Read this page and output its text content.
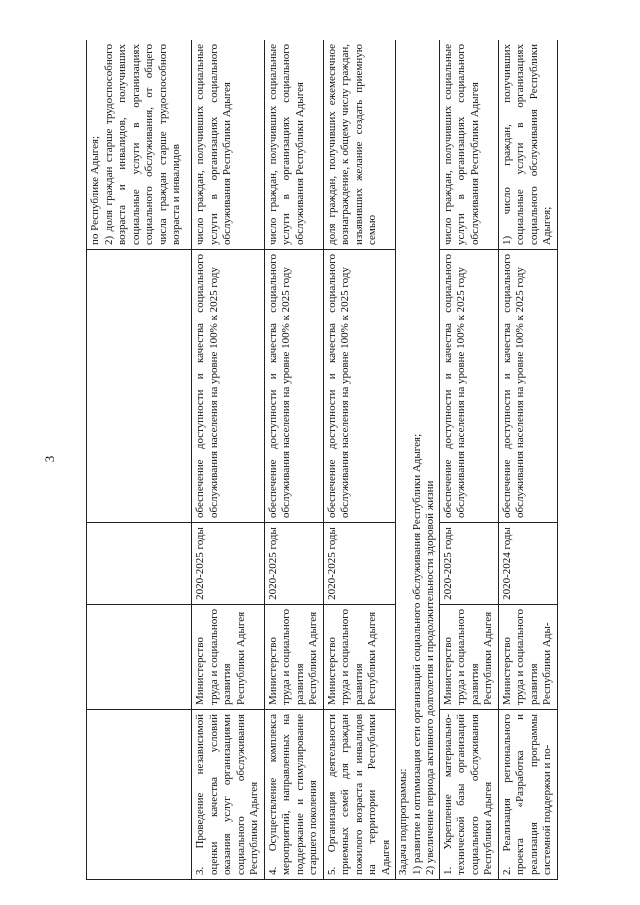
3
				по Республике Адыгея;
2) доля граждан старше трудоспособного возраста и инвалидов, получивших социальные услуги в организациях социального обслуживания, от общего числа граждан старше трудоспособного возраста и инвалидов
3. Проведение независимой оценки качества условий оказания услуг организациями социального обслуживания Республики Адыгея	Министерство труда и социального развития Республики Адыгея	2020-2025 годы	обеспечение доступности и качества социального обслуживания населения на уровне 100% к 2025 году	число граждан, получивших социальные услуги в организациях социального обслуживания Республики Адыгея
4. Осуществление комплекса мероприятий, направленных на поддержание и стимулирование старшего поколения	Министерство труда и социального развития Республики Адыгея	2020-2025 годы	обеспечение доступности и качества социального обслуживания населения на уровне 100% к 2025 году	число граждан, получивших социальные услуги в организациях социального обслуживания Республики Адыгея
5. Организация деятельности приемных семей для граждан пожилого возраста и инвалидов на территории Республики Адыгея	Министерство труда и социального развития Республики Адыгея	2020-2025 годы	обеспечение доступности и качества социального обслуживания населения на уровне 100% к 2025 году	доля граждан, получивших ежемесячное вознаграждение, к общему числу граждан, изъявивших желание создать приемную семью

Задача подпрограммы: 1) развитие и оптимизация сети организаций социального обслуживания Республики Адыгея; 2) увеличение периода активного долголетия и продолжительности здоровой жизни				

1. Укрепление материально-технической базы организаций социального обслуживания Республики Адыгея	Министерство труда и социального развития Республики Адыгея	2020-2025 годы	обеспечение доступности и качества социального обслуживания населения на уровне 100% к 2025 году	число граждан, получивших социальные услуги в организациях социального обслуживания Республики Адыгея
2. Реализация регионального проекта «Разработка и реализация программы системной поддержки и по-	Министерство труда и социального развития Республики Ады-	2020-2024 годы	обеспечение доступности и качества социального обслуживания населения на уровне 100% к 2025 году	1) число граждан, получивших социальные услуги в организациях социального обслуживания Республики Адыгея;
